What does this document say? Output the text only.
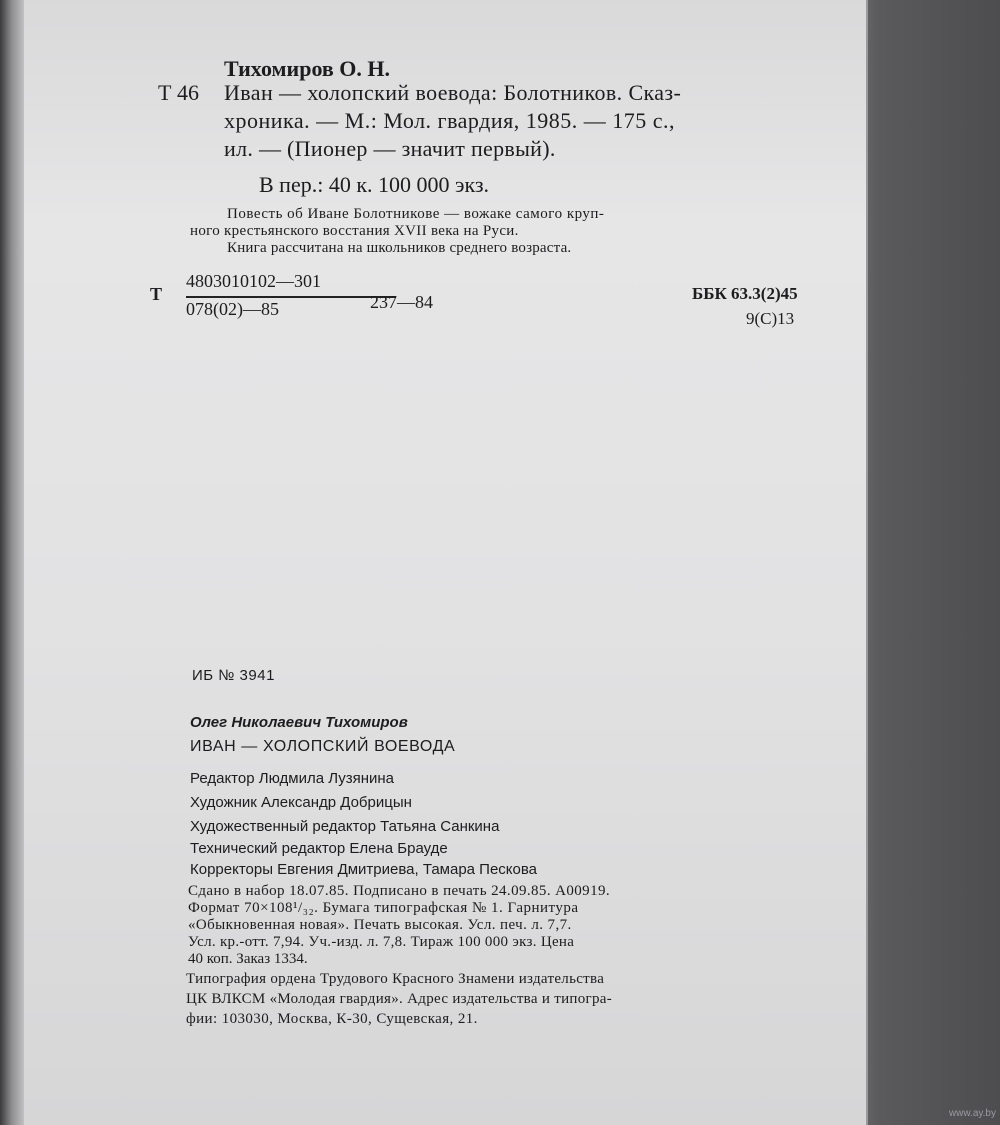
Тихомиров О. Н.
Т 46 Иван — холопский воевода: Болотников. Сказ-
хроника. — М.: Мол. гвардия, 1985. — 175 с.,
ил. — (Пионер — значит первый).
В пер.: 40 к. 100 000 экз.
Повесть об Иване Болотникове — вожаке самого круп-
ного крестьянского восстания XVII века на Руси.
Книга рассчитана на школьников среднего возраста.
Т
4803010102—301
078(02)—85	237—84	ББК 63.3(2)45
9(С)13
ИБ № 3941
Олег Николаевич Тихомиров
ИВАН — ХОЛОПСКИЙ ВОЕВОДА
Редактор Людмила Лузянина
Художник Александр Добрицын
Художественный редактор Татьяна Санкина
Технический редактор Елена Брауде
Корректоры Евгения Дмитриева, Тамара Пескова
Сдано в набор 18.07.85. Подписано в печать 24.09.85. А00919.
Формат 70×108¹/₃₂. Бумага типографская № 1. Гарнитура
«Обыкновенная новая». Печать высокая. Усл. печ. л. 7,7.
Усл. кр.-отт. 7,94. Уч.-изд. л. 7,8. Тираж 100 000 экз. Цена
40 коп. Заказ 1334.
Типография ордена Трудового Красного Знамени издательства
ЦК ВЛКСМ «Молодая гвардия». Адрес издательства и типогра-
фии: 103030, Москва, К-30, Сущевская, 21.
www.ay.by
